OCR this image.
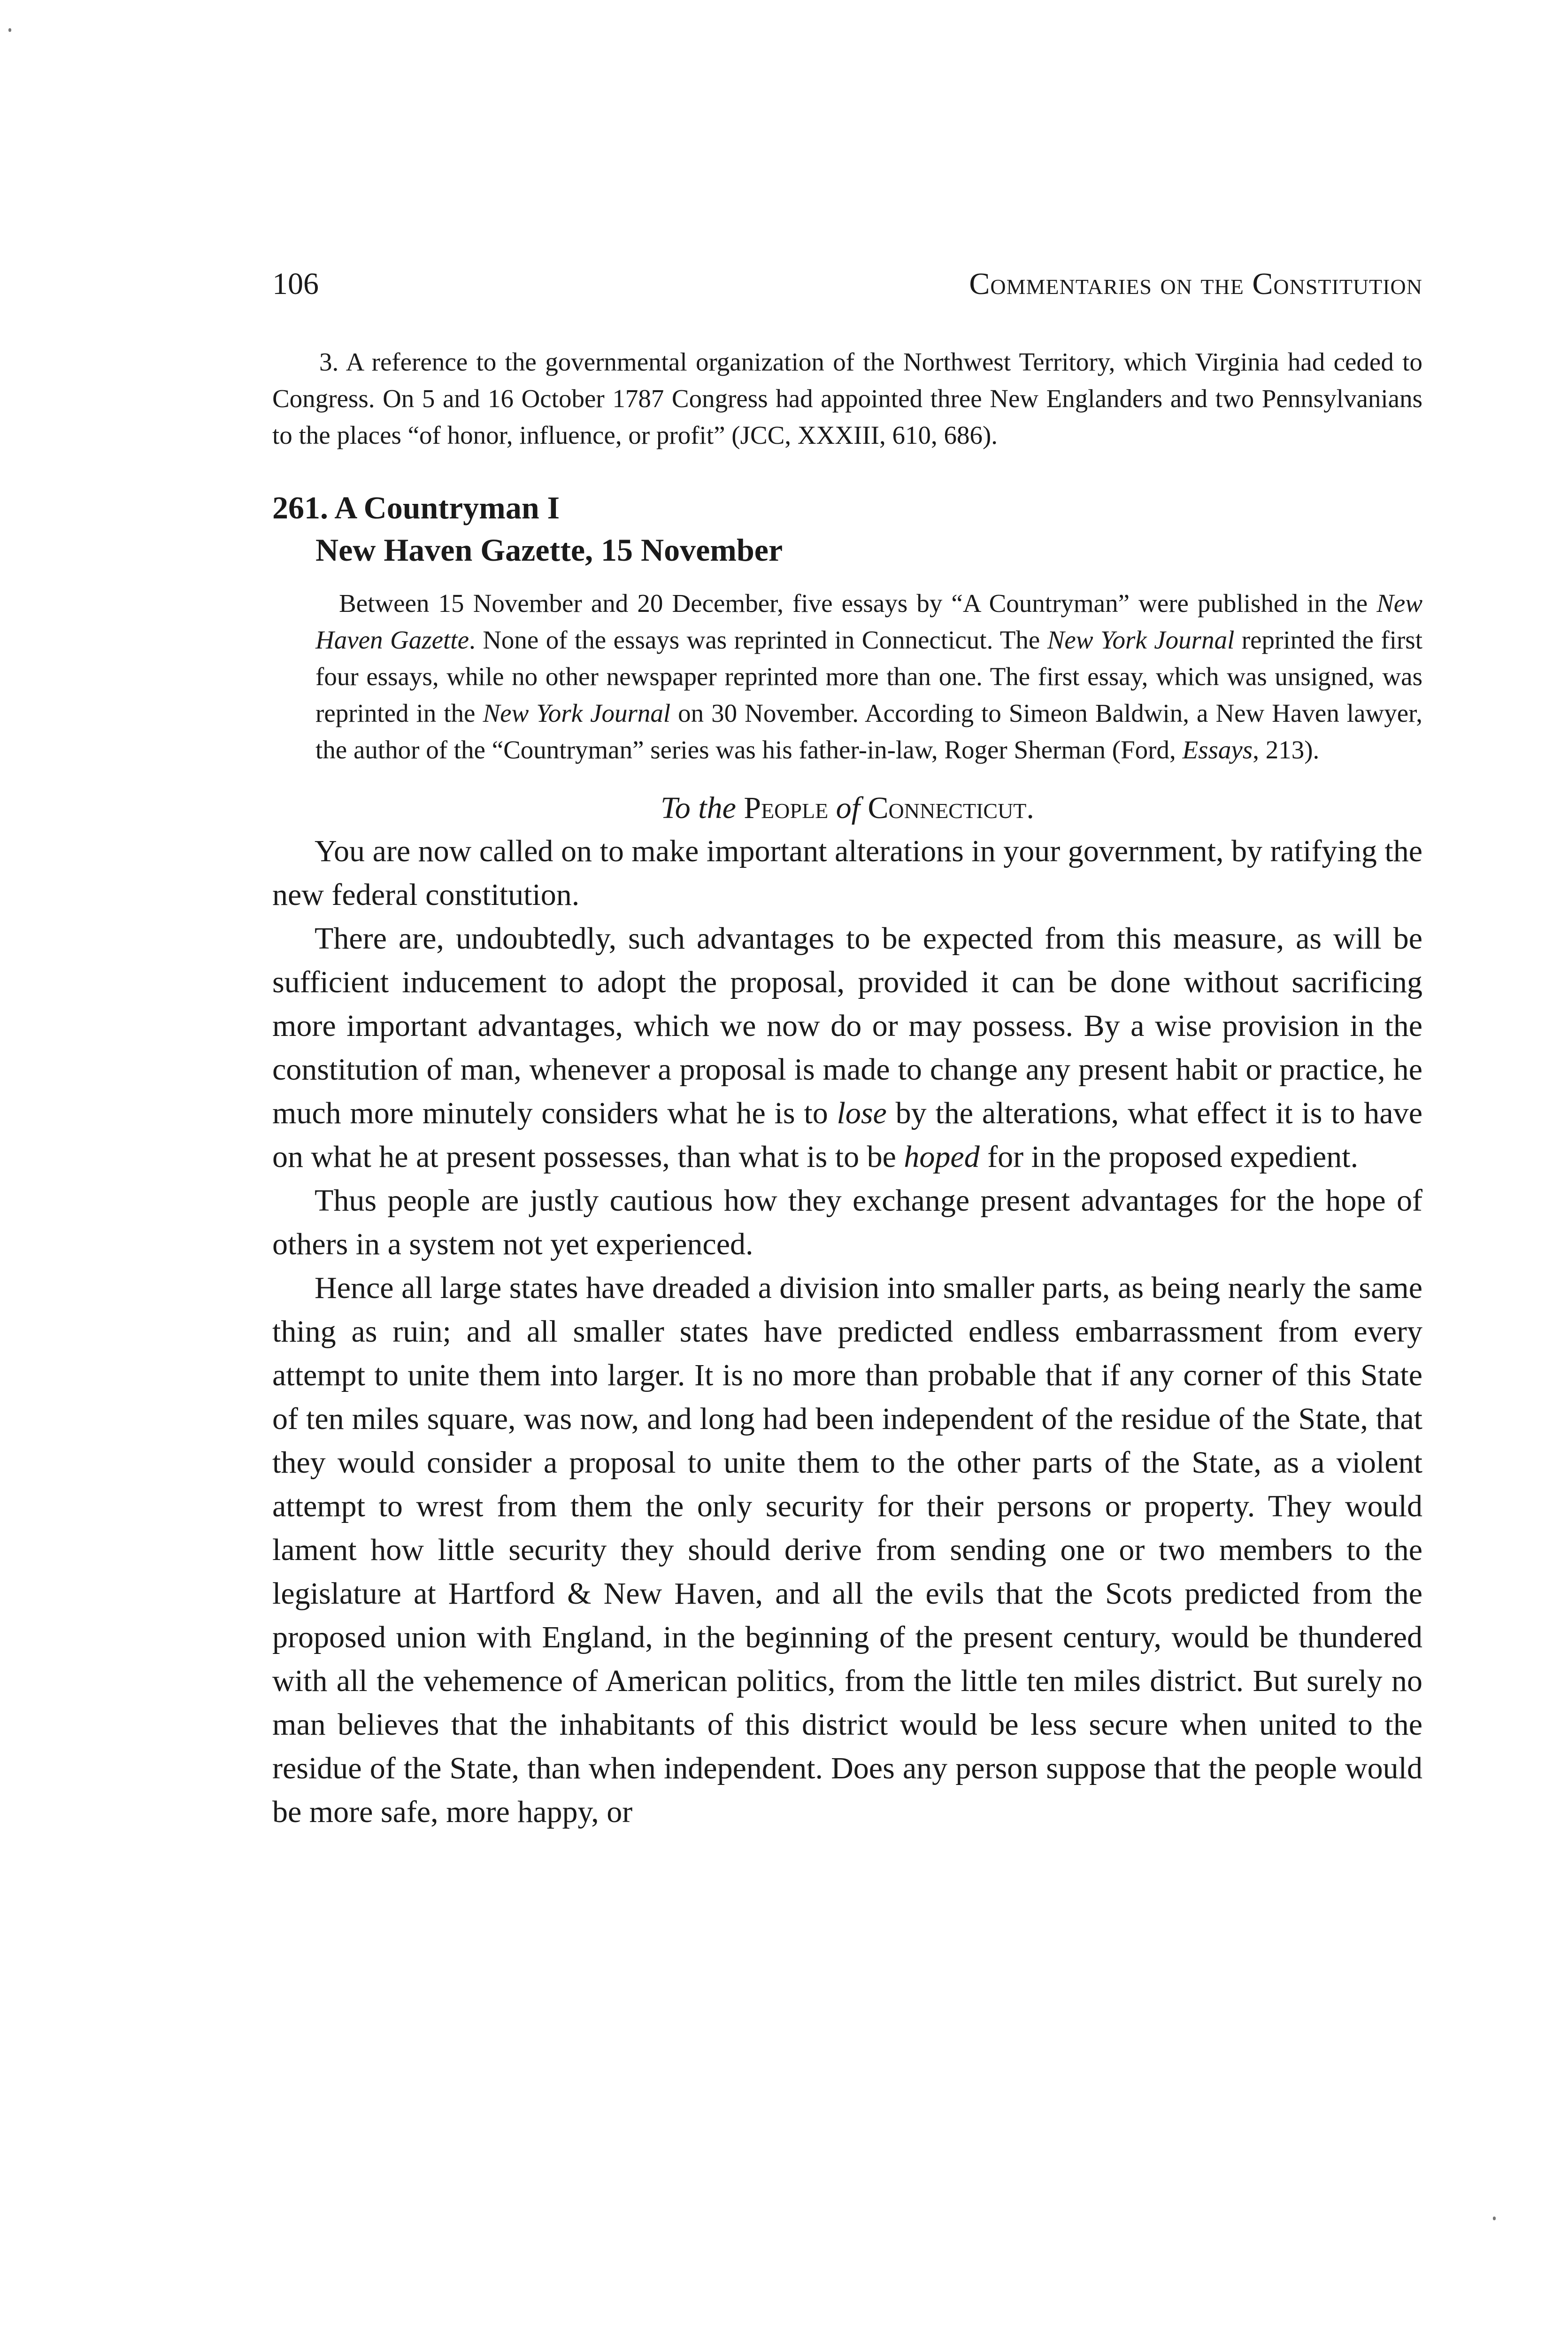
106	Commentaries on the Constitution

3. A reference to the governmental organization of the Northwest Territory, which Virginia had ceded to Congress. On 5 and 16 October 1787 Congress had appointed three New Englanders and two Pennsylvanians to the places “of honor, influence, or profit” (JCC, XXXIII, 610, 686).

261. A Countryman I
New Haven Gazette, 15 November

Between 15 November and 20 December, five essays by “A Countryman” were published in the New Haven Gazette. None of the essays was reprinted in Connecticut. The New York Journal reprinted the first four essays, while no other newspaper reprinted more than one. The first essay, which was unsigned, was reprinted in the New York Journal on 30 November. According to Simeon Baldwin, a New Haven lawyer, the author of the “Countryman” series was his father-in-law, Roger Sherman (Ford, Essays, 213).

To the People of Connecticut.

You are now called on to make important alterations in your government, by ratifying the new federal constitution.

There are, undoubtedly, such advantages to be expected from this measure, as will be sufficient inducement to adopt the proposal, provided it can be done without sacrificing more important advantages, which we now do or may possess. By a wise provision in the constitution of man, whenever a proposal is made to change any present habit or practice, he much more minutely considers what he is to lose by the alterations, what effect it is to have on what he at present possesses, than what is to be hoped for in the proposed expedient.

Thus people are justly cautious how they exchange present advantages for the hope of others in a system not yet experienced.

Hence all large states have dreaded a division into smaller parts, as being nearly the same thing as ruin; and all smaller states have predicted endless embarrassment from every attempt to unite them into larger. It is no more than probable that if any corner of this State of ten miles square, was now, and long had been independent of the residue of the State, that they would consider a proposal to unite them to the other parts of the State, as a violent attempt to wrest from them the only security for their persons or property. They would lament how little security they should derive from sending one or two members to the legislature at Hartford & New Haven, and all the evils that the Scots predicted from the proposed union with England, in the beginning of the present century, would be thundered with all the vehemence of American politics, from the little ten miles district. But surely no man believes that the inhabitants of this district would be less secure when united to the residue of the State, than when independent. Does any person suppose that the people would be more safe, more happy, or
